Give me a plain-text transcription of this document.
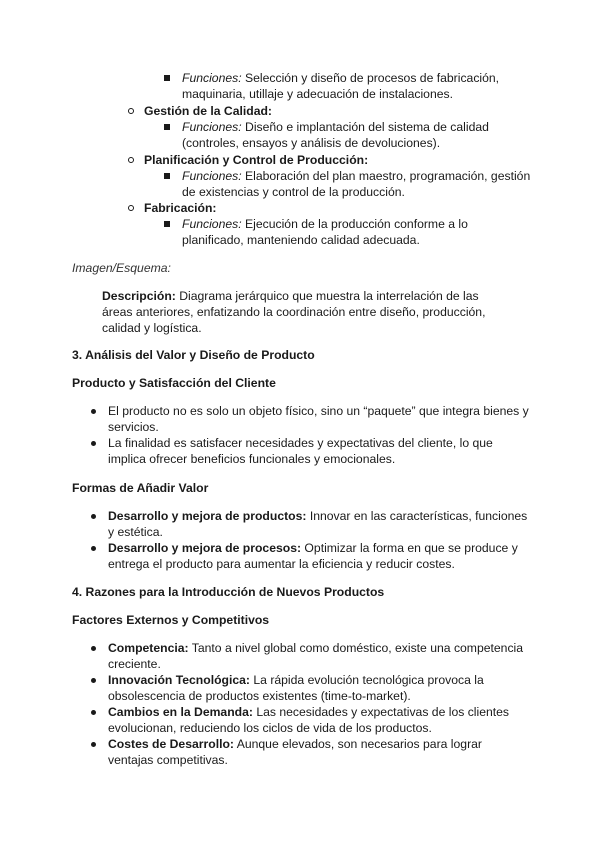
Funciones: Selección y diseño de procesos de fabricación,
maquinaria, utillaje y adecuación de instalaciones.
Gestión de la Calidad:
Funciones: Diseño e implantación del sistema de calidad
(controles, ensayos y análisis de devoluciones).
Planificación y Control de Producción:
Funciones: Elaboración del plan maestro, programación, gestión
de existencias y control de la producción.
Fabricación:
Funciones: Ejecución de la producción conforme a lo
planificado, manteniendo calidad adecuada.
Imagen/Esquema:
Descripción: Diagrama jerárquico que muestra la interrelación de las
áreas anteriores, enfatizando la coordinación entre diseño, producción,
calidad y logística.
3. Análisis del Valor y Diseño de Producto
Producto y Satisfacción del Cliente
El producto no es solo un objeto físico, sino un “paquete” que integra bienes y
servicios.
La finalidad es satisfacer necesidades y expectativas del cliente, lo que
implica ofrecer beneficios funcionales y emocionales.
Formas de Añadir Valor
Desarrollo y mejora de productos: Innovar en las características, funciones
y estética.
Desarrollo y mejora de procesos: Optimizar la forma en que se produce y
entrega el producto para aumentar la eficiencia y reducir costes.
4. Razones para la Introducción de Nuevos Productos
Factores Externos y Competitivos
Competencia: Tanto a nivel global como doméstico, existe una competencia
creciente.
Innovación Tecnológica: La rápida evolución tecnológica provoca la
obsolescencia de productos existentes (time-to-market).
Cambios en la Demanda: Las necesidades y expectativas de los clientes
evolucionan, reduciendo los ciclos de vida de los productos.
Costes de Desarrollo: Aunque elevados, son necesarios para lograr
ventajas competitivas.
